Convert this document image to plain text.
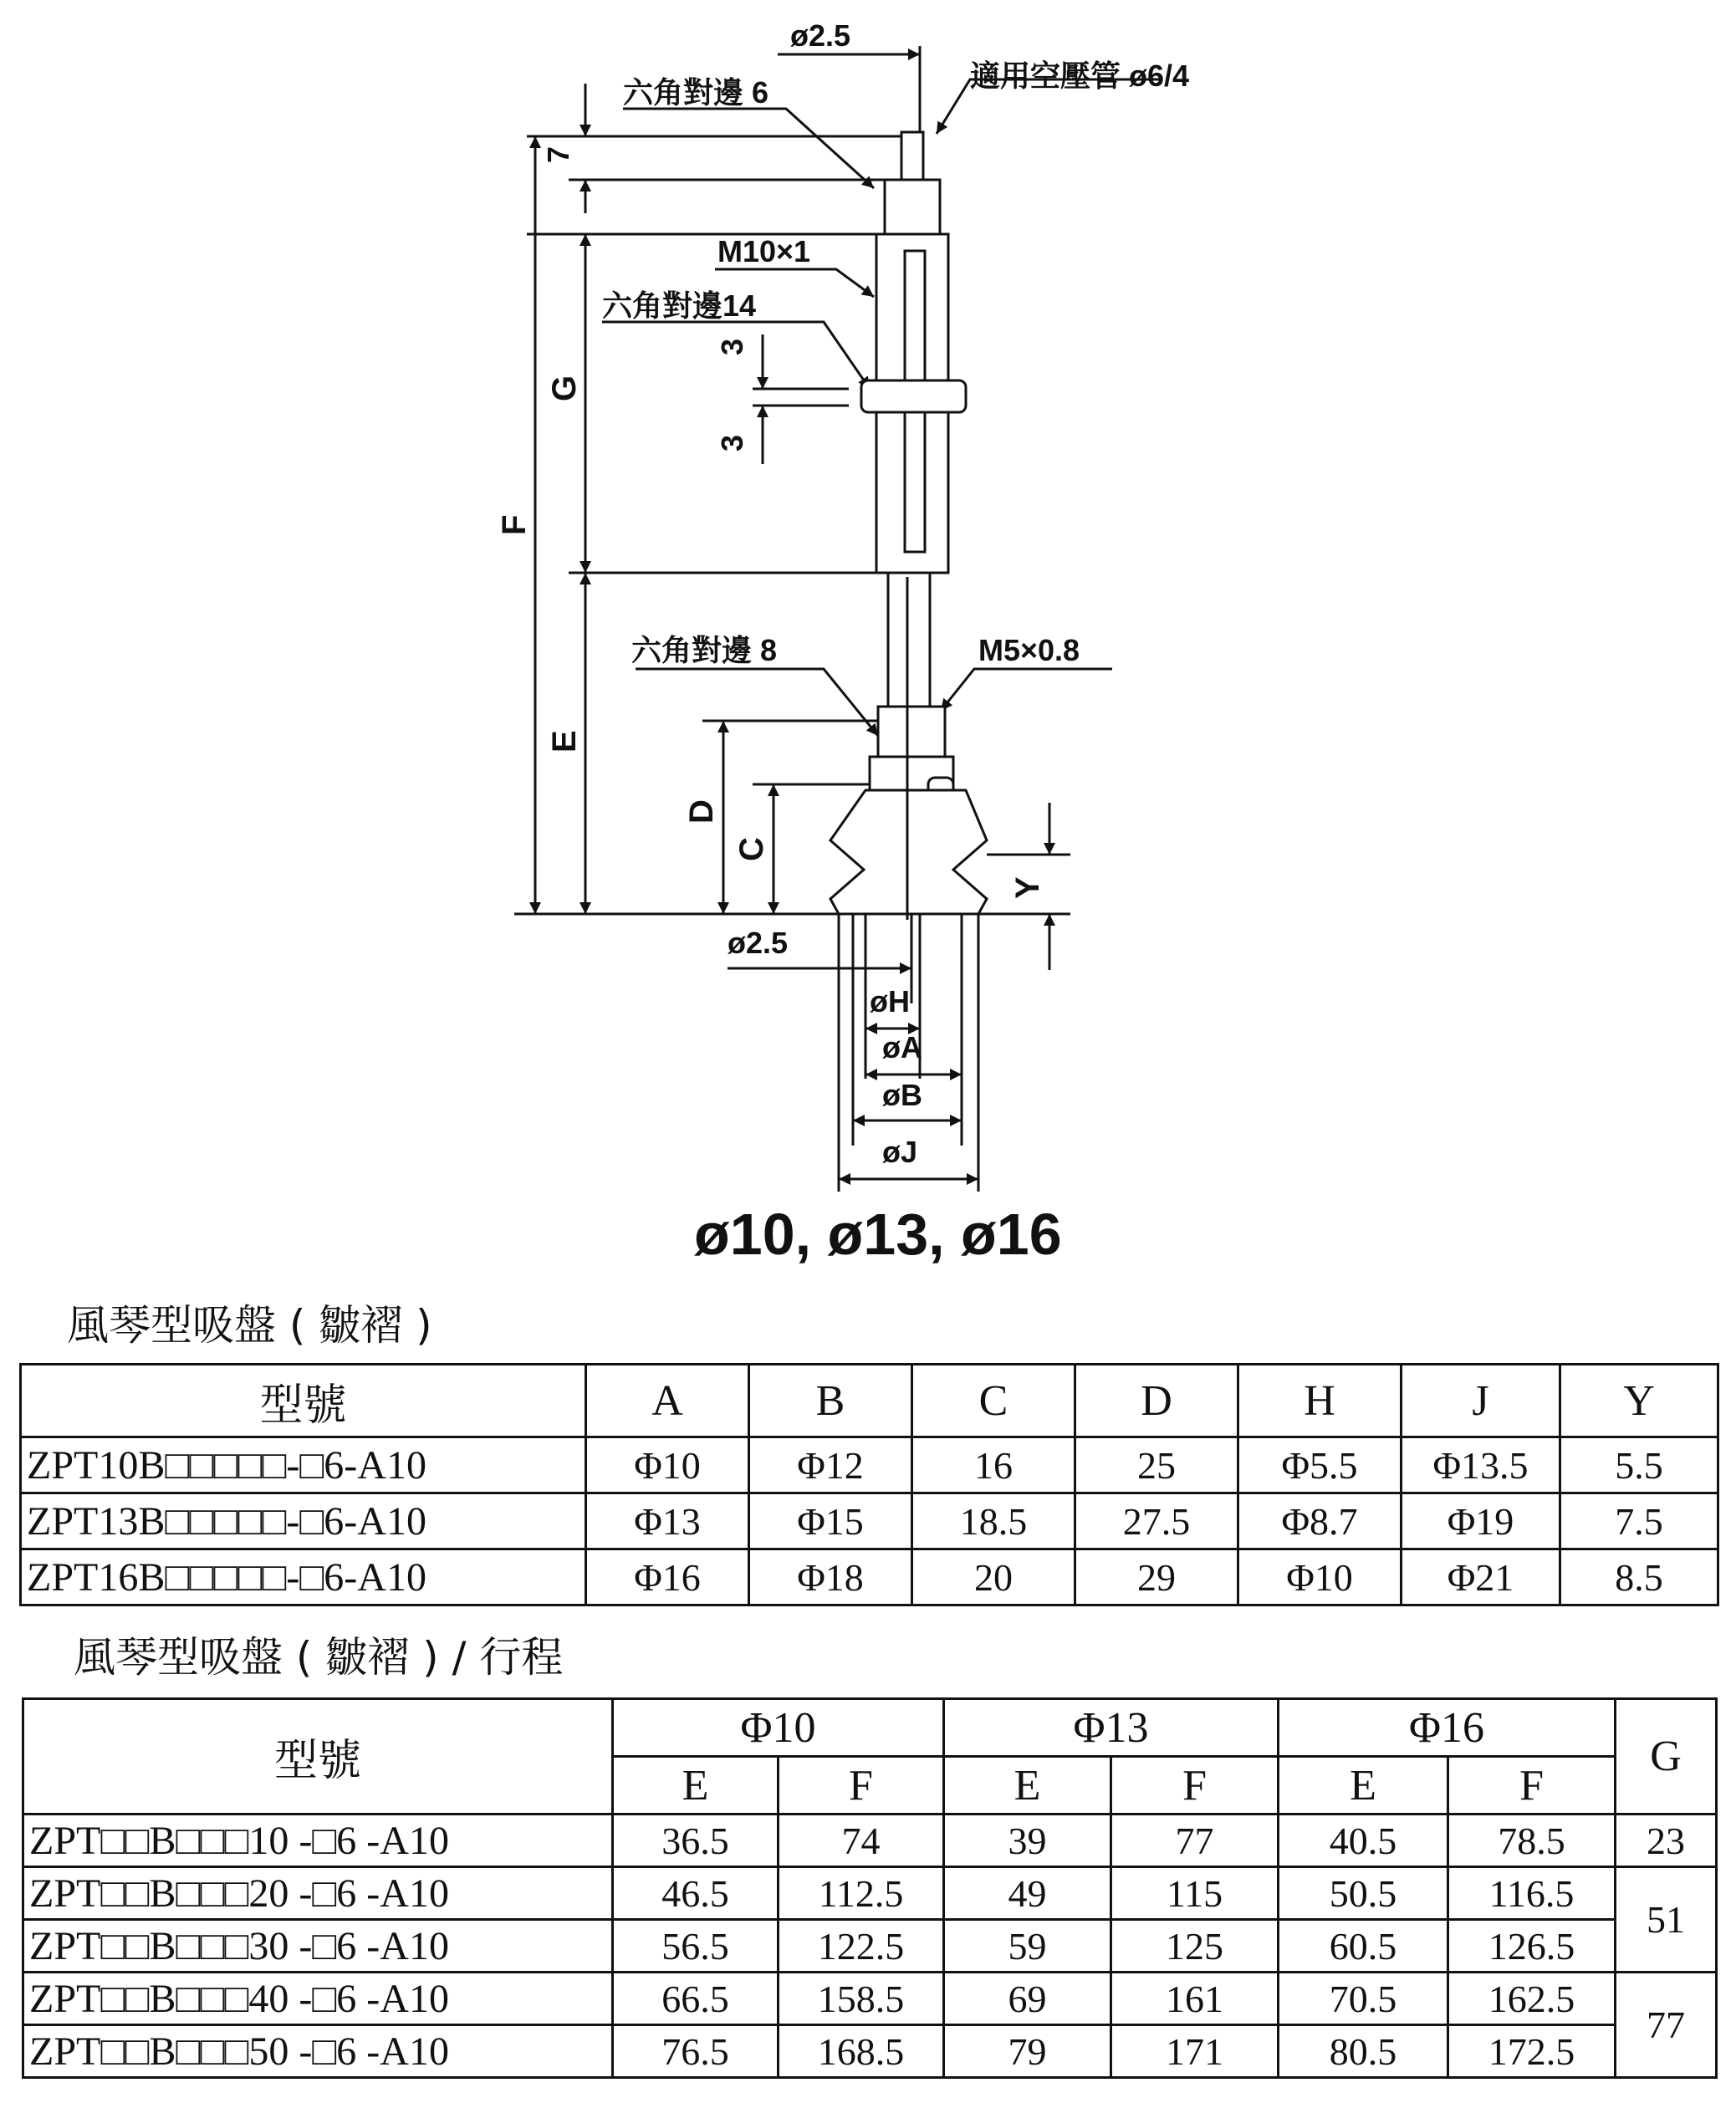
ø2.5
適用空壓管 ø6/4
六角對邊 6
7
M10×1
六角對邊14
3
3
G
F
六角對邊 8	M5×0.8
E
D
C
Y
ø2.5
øH
øA
øB
øJ
ø10, ø13, ø16
風琴型吸盤 ( 皺褶 )
型號	A	B	C	D	H	J	Y
ZPT10B□□□□□-□6-A10	Φ10	Φ12	16	25	Φ5.5	Φ13.5	5.5
ZPT13B□□□□□-□6-A10	Φ13	Φ15	18.5	27.5	Φ8.7	Φ19	7.5
ZPT16B□□□□□-□6-A10	Φ16	Φ18	20	29	Φ10	Φ21	8.5
風琴型吸盤 ( 皺褶 ) / 行程
型號	Φ10		Φ13		Φ16		G
	E	F	E	F	E	F	
ZPT□□B□□□10 -□6 -A10	36.5	74	39	77	40.5	78.5	23
ZPT□□B□□□20 -□6 -A10	46.5	112.5	49	115	50.5	116.5	51
ZPT□□B□□□30 -□6 -A10	56.5	122.5	59	125	60.5	126.5	
ZPT□□B□□□40 -□6 -A10	66.5	158.5	69	161	70.5	162.5	77
ZPT□□B□□□50 -□6 -A10	76.5	168.5	79	171	80.5	172.5	
